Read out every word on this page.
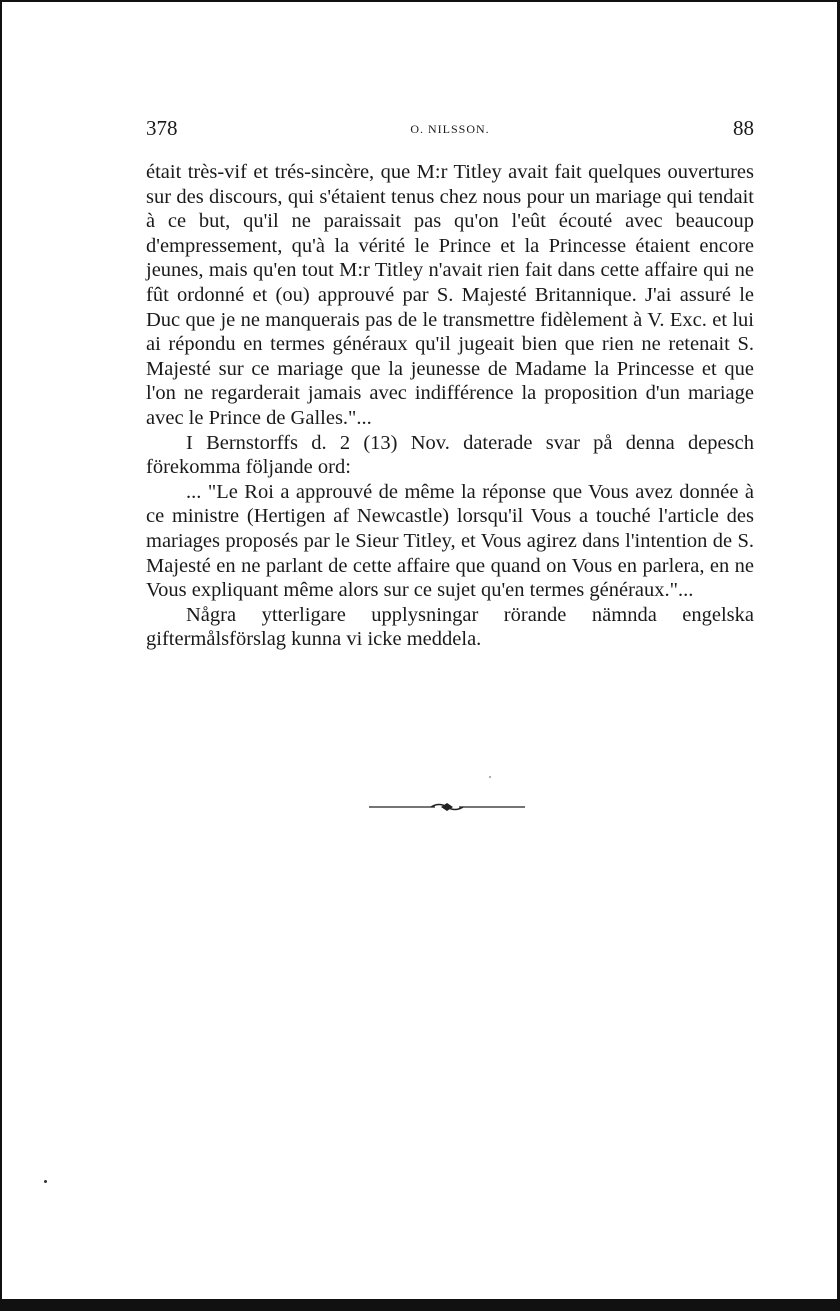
378	O. NILSSON.	88

était très-vif et trés-sincère, que M:r Titley avait fait quelques ouvertures sur des discours, qui s'étaient tenus chez nous pour un mariage qui tendait à ce but, qu'il ne paraissait pas qu'on l'eût écouté avec beaucoup d'empressement, qu'à la vérité le Prince et la Princesse étaient encore jeunes, mais qu'en tout M:r Titley n'avait rien fait dans cette affaire qui ne fût ordonné et (ou) approuvé par S. Majesté Britannique. J'ai assuré le Duc que je ne manquerais pas de le transmettre fidèlement à V. Exc. et lui ai répondu en termes généraux qu'il jugeait bien que rien ne retenait S. Majesté sur ce mariage que la jeunesse de Madame la Princesse et que l'on ne regarderait jamais avec indifférence la proposition d'un mariage avec le Prince de Galles."...

I Bernstorffs d. 2 (13) Nov. daterade svar på denna depesch förekomma följande ord:

... "Le Roi a approuvé de même la réponse que Vous avez donnée à ce ministre (Hertigen af Newcastle) lorsqu'il Vous a touché l'article des mariages proposés par le Sieur Titley, et Vous agirez dans l'intention de S. Majesté en ne parlant de cette affaire que quand on Vous en parlera, en ne Vous expliquant même alors sur ce sujet qu'en termes généraux."...

Några ytterligare upplysningar rörande nämnda engelska giftermålsförslag kunna vi icke meddela.
